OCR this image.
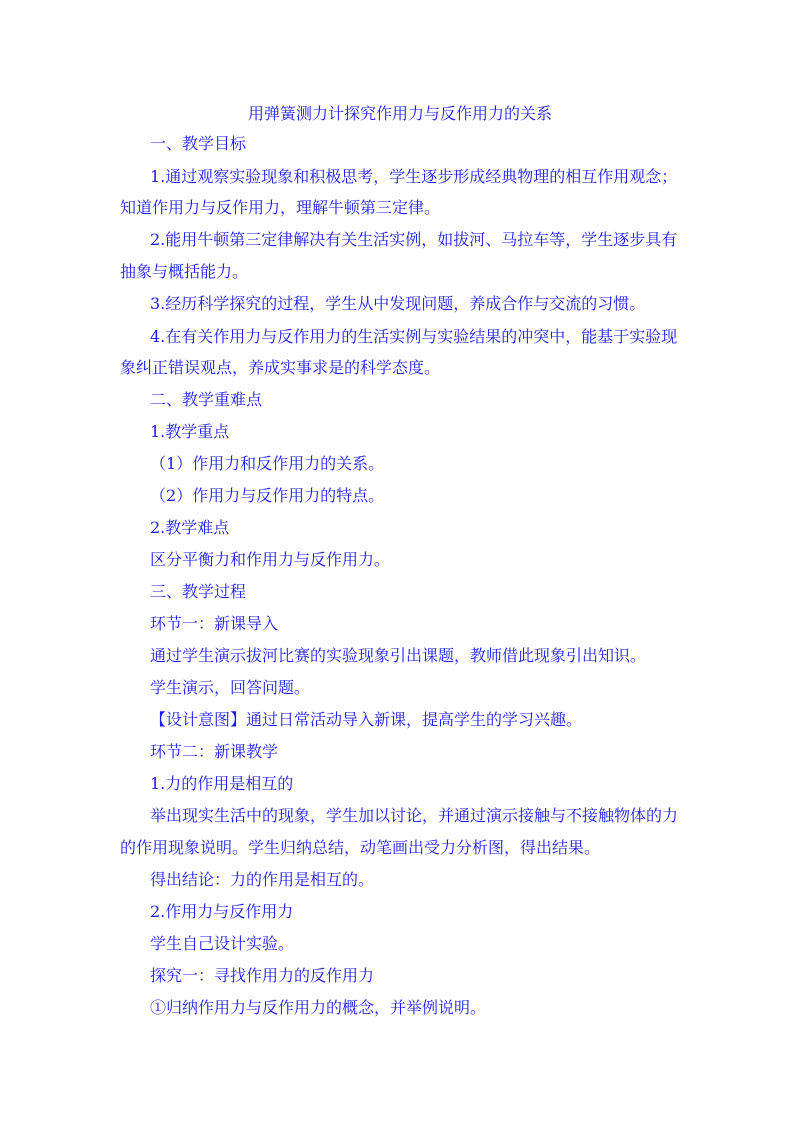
用弹簧测力计探究作用力与反作用力的关系
一、教学目标
1.通过观察实验现象和积极思考，学生逐步形成经典物理的相互作用观念；
知道作用力与反作用力，理解牛顿第三定律。
2.能用牛顿第三定律解决有关生活实例，如拔河、马拉车等，学生逐步具有
抽象与概括能力。
3.经历科学探究的过程，学生从中发现问题，养成合作与交流的习惯。
4.在有关作用力与反作用力的生活实例与实验结果的冲突中，能基于实验现
象纠正错误观点，养成实事求是的科学态度。
二、教学重难点
1.教学重点
（1）作用力和反作用力的关系。
（2）作用力与反作用力的特点。
2.教学难点
区分平衡力和作用力与反作用力。
三、教学过程
环节一：新课导入
通过学生演示拔河比赛的实验现象引出课题，教师借此现象引出知识。
学生演示，回答问题。
【设计意图】通过日常活动导入新课，提高学生的学习兴趣。
环节二：新课教学
1.力的作用是相互的
举出现实生活中的现象，学生加以讨论，并通过演示接触与不接触物体的力
的作用现象说明。学生归纳总结，动笔画出受力分析图，得出结果。
得出结论：力的作用是相互的。
2.作用力与反作用力
学生自己设计实验。
探究一：寻找作用力的反作用力
①归纳作用力与反作用力的概念，并举例说明。
